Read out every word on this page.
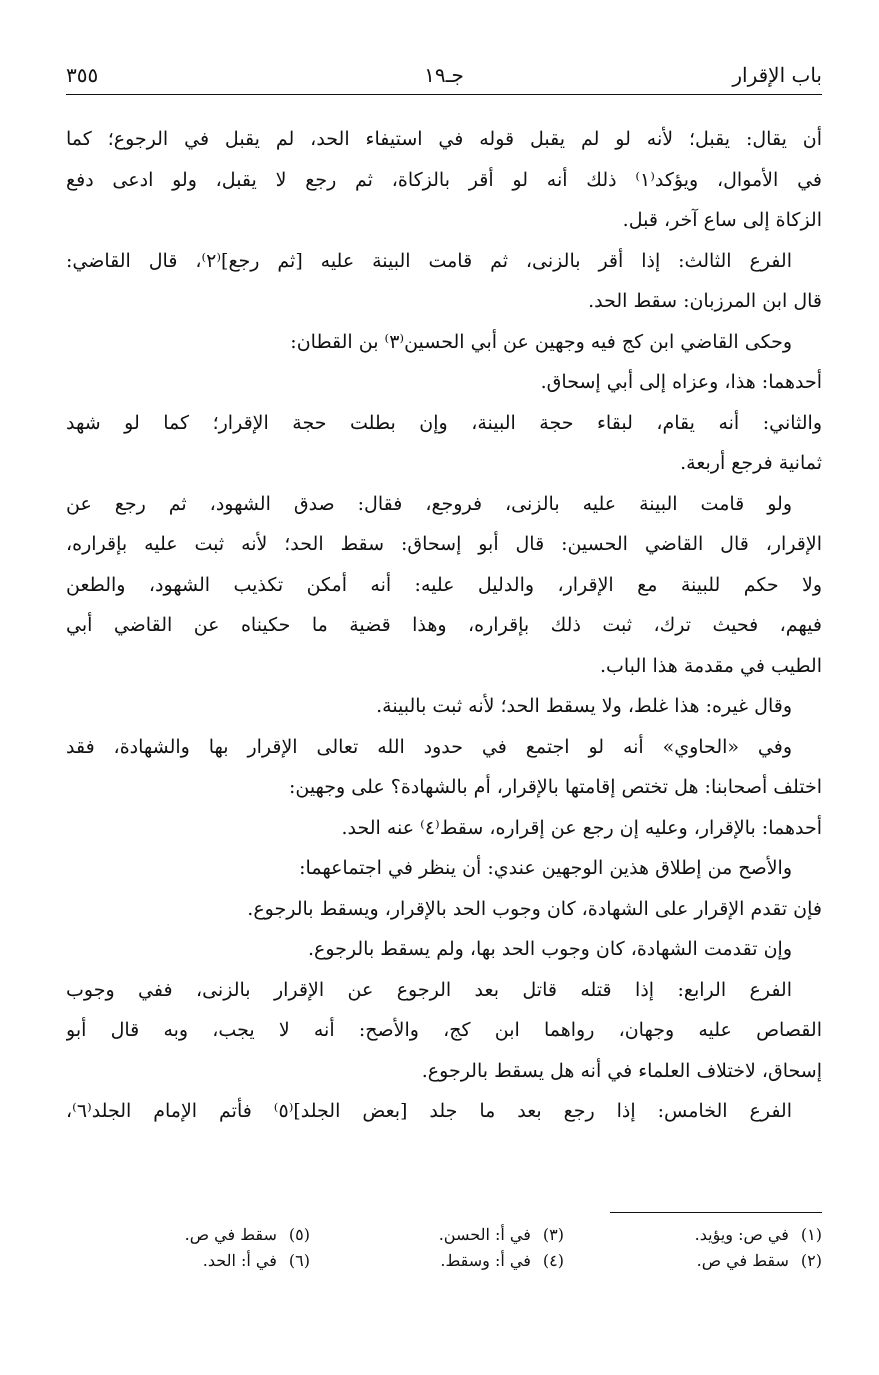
باب الإقرار
جـ١٩
٣٥٥
أن يقال: يقبل؛ لأنه لو لم يقبل قوله في استيفاء الحد، لم يقبل في الرجوع؛ كما
في الأموال، ويؤكد⁽١⁾ ذلك أنه لو أقر بالزكاة، ثم رجع لا يقبل، ولو ادعى دفع
الزكاة إلى ساع آخر، قبل.
الفرع الثالث: إذا أقر بالزنى، ثم قامت البينة عليه [ثم رجع]⁽٢⁾، قال القاضي:
قال ابن المرزبان: سقط الحد.
وحكى القاضي ابن كج فيه وجهين عن أبي الحسين⁽٣⁾ بن القطان:
أحدهما: هذا، وعزاه إلى أبي إسحاق.
والثاني: أنه يقام، لبقاء حجة البينة، وإن بطلت حجة الإقرار؛ كما لو شهد
ثمانية فرجع أربعة.
ولو قامت البينة عليه بالزنى، فروجع، فقال: صدق الشهود، ثم رجع عن
الإقرار، قال القاضي الحسين: قال أبو إسحاق: سقط الحد؛ لأنه ثبت عليه بإقراره،
ولا حكم للبينة مع الإقرار، والدليل عليه: أنه أمكن تكذيب الشهود، والطعن
فيهم، فحيث ترك، ثبت ذلك بإقراره، وهذا قضية ما حكيناه عن القاضي أبي
الطيب في مقدمة هذا الباب.
وقال غيره: هذا غلط، ولا يسقط الحد؛ لأنه ثبت بالبينة.
وفي «الحاوي» أنه لو اجتمع في حدود الله تعالى الإقرار بها والشهادة، فقد
اختلف أصحابنا: هل تختص إقامتها بالإقرار، أم بالشهادة؟ على وجهين:
أحدهما: بالإقرار، وعليه إن رجع عن إقراره، سقط⁽٤⁾ عنه الحد.
والأصح من إطلاق هذين الوجهين عندي: أن ينظر في اجتماعهما:
فإن تقدم الإقرار على الشهادة، كان وجوب الحد بالإقرار، ويسقط بالرجوع.
وإن تقدمت الشهادة، كان وجوب الحد بها، ولم يسقط بالرجوع.
الفرع الرابع: إذا قتله قاتل بعد الرجوع عن الإقرار بالزنى، ففي وجوب
القصاص عليه وجهان، رواهما ابن كج، والأصح: أنه لا يجب، وبه قال أبو
إسحاق، لاختلاف العلماء في أنه هل يسقط بالرجوع.
الفرع الخامس: إذا رجع بعد ما جلد [بعض الجلد]⁽٥⁾ فأتم الإمام الجلد⁽٦⁾،
(١)في ص: ويؤيد.
(٣)في أ: الحسن.
(٥)سقط في ص.
(٢)سقط في ص.
(٤)في أ: وسقط.
(٦)في أ: الحد.
